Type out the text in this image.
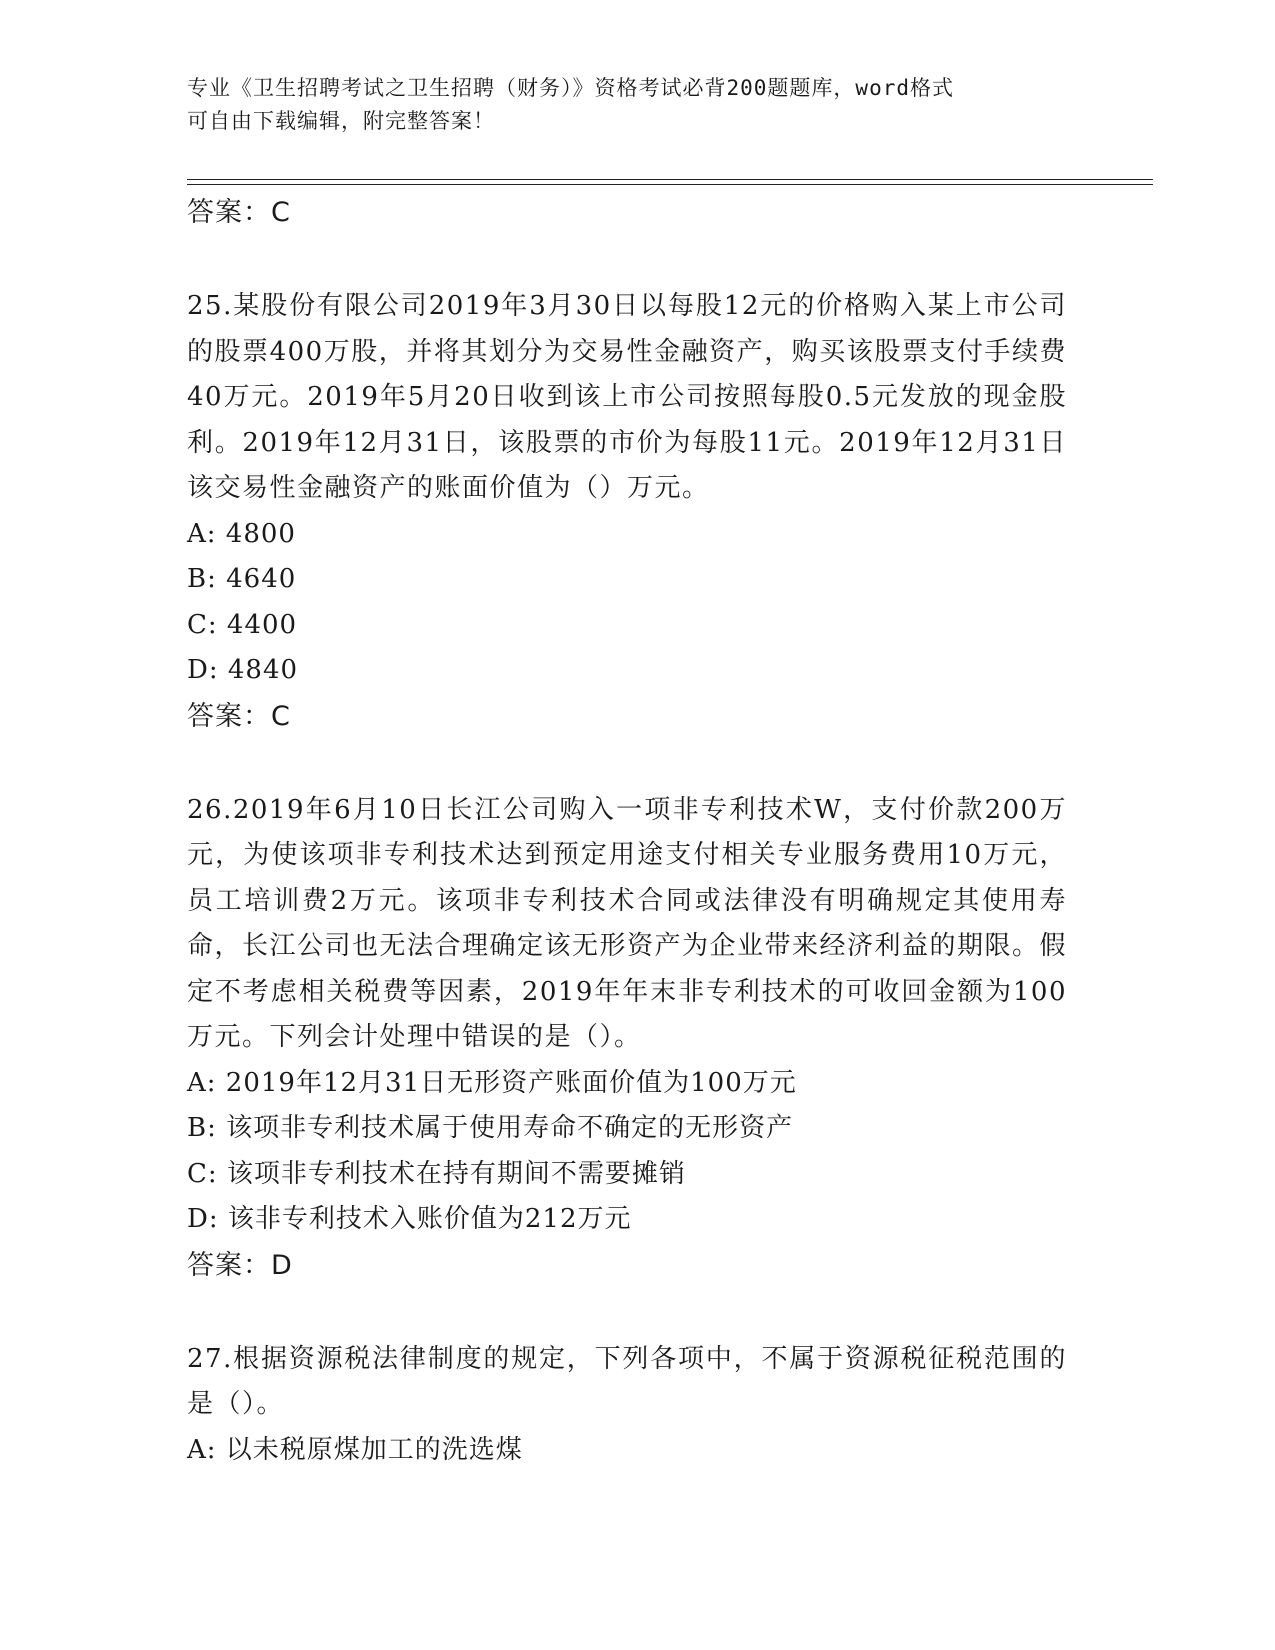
专业《卫生招聘考试之卫生招聘（财务）》资格考试必背200题题库，word格式
可自由下载编辑，附完整答案！

答案：C

25.某股份有限公司2019年3月30日以每股12元的价格购入某上市公司的股票400万股，并将其划分为交易性金融资产，购买该股票支付手续费40万元。2019年5月20日收到该上市公司按照每股0.5元发放的现金股利。2019年12月31日，该股票的市价为每股11元。2019年12月31日该交易性金融资产的账面价值为（）万元。

A: 4800

B: 4640

C: 4400

D: 4840

答案：C

26.2019年6月10日长江公司购入一项非专利技术W，支付价款200万元，为使该项非专利技术达到预定用途支付相关专业服务费用10万元，员工培训费2万元。该项非专利技术合同或法律没有明确规定其使用寿命，长江公司也无法合理确定该无形资产为企业带来经济利益的期限。假定不考虑相关税费等因素，2019年年末非专利技术的可收回金额为100万元。下列会计处理中错误的是（）。

A: 2019年12月31日无形资产账面价值为100万元

B: 该项非专利技术属于使用寿命不确定的无形资产

C: 该项非专利技术在持有期间不需要摊销

D: 该非专利技术入账价值为212万元

答案：D

27.根据资源税法律制度的规定，下列各项中，不属于资源税征税范围的是（）。

A: 以未税原煤加工的洗选煤
